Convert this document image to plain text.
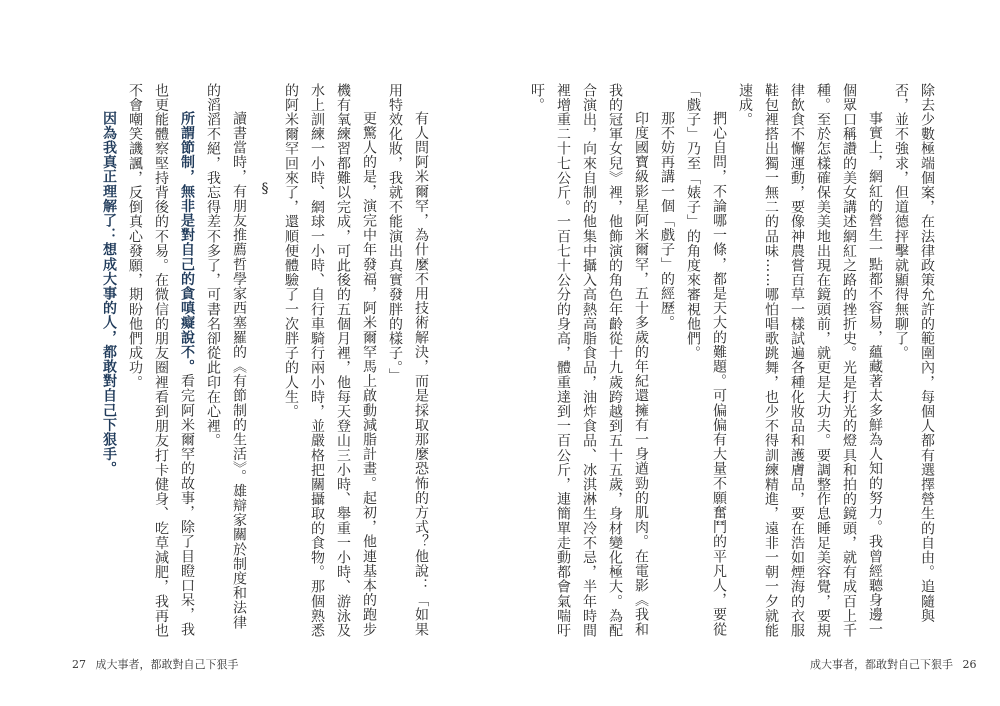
有人問阿米爾罕，為什麼不用技術解決，而是採取那麼恐怖的方式？他說：「如果用特效化妝，我就不能演出真實發胖的樣子。」
更驚人的是，演完中年發福，阿米爾罕馬上啟動減脂計畫。起初，他連基本的跑步機有氧練習都難以完成，可此後的五個月裡，他每天登山三小時、舉重一小時、游泳及水上訓練一小時、網球一小時、自行車騎行兩小時，並嚴格把關攝取的食物。那個熟悉的阿米爾罕回來了，還順便體驗了一次胖子的人生。
§
讀書當時，有朋友推薦哲學家西塞羅的《有節制的生活》。雄辯家關於制度和法律的滔滔不絕，我忘得差不多了，可書名卻從此印在心裡。
所謂節制，無非是對自己的貪嗔癡說不。看完阿米爾罕的故事，除了目瞪口呆，我也更能體察堅持背後的不易。在微信的朋友圈裡看到朋友打卡健身、吃草減肥，我再也不會嘲笑譏諷，反倒真心發願，期盼他們成功。
因為我真正理解了：想成大事的人，都敢對自己下狠手。
27 成大事者，都敢對自己下狠手
除去少數極端個案，在法律政策允許的範圍內，每個人都有選擇營生的自由。追隨與否，並不強求，但道德抨擊就顯得無聊了。
事實上，網紅的營生一點都不容易，蘊藏著太多鮮為人知的努力。我曾經聽身邊一個眾口稱讚的美女講述網紅之路的挫折史。光是打光的燈具和拍的鏡頭，就有成百上千種。至於怎樣確保美美地出現在鏡頭前，就更是大功夫。要調整作息睡足美容覺，要規律飲食不懈運動，要像神農嘗百草一樣試遍各種化妝品和護膚品，要在浩如煙海的衣服鞋包裡搭出獨一無二的品味……哪怕唱歌跳舞，也少不得訓練精進，遠非一朝一夕就能速成。
捫心自問，不論哪一條，都是天大的難題。可偏偏有大量不願奮鬥的平凡人，要從「戲子」乃至「婊子」的角度來審視他們。
那不妨再講一個「戲子」的經歷。
印度國寶級影星阿米爾罕，五十多歲的年紀還擁有一身遒勁的肌肉。在電影《我和我的冠軍女兒》裡，他飾演的角色年齡從十九歲跨越到五十五歲，身材變化極大。為配合演出，向來自制的他集中攝入高熱高脂食品，油炸食品、冰淇淋生冷不忌，半年時間裡增重二十七公斤。一百七十公分的身高，體重達到一百公斤，連簡單走動都會氣喘吁吁。
成大事者，都敢對自己下狠手 26
